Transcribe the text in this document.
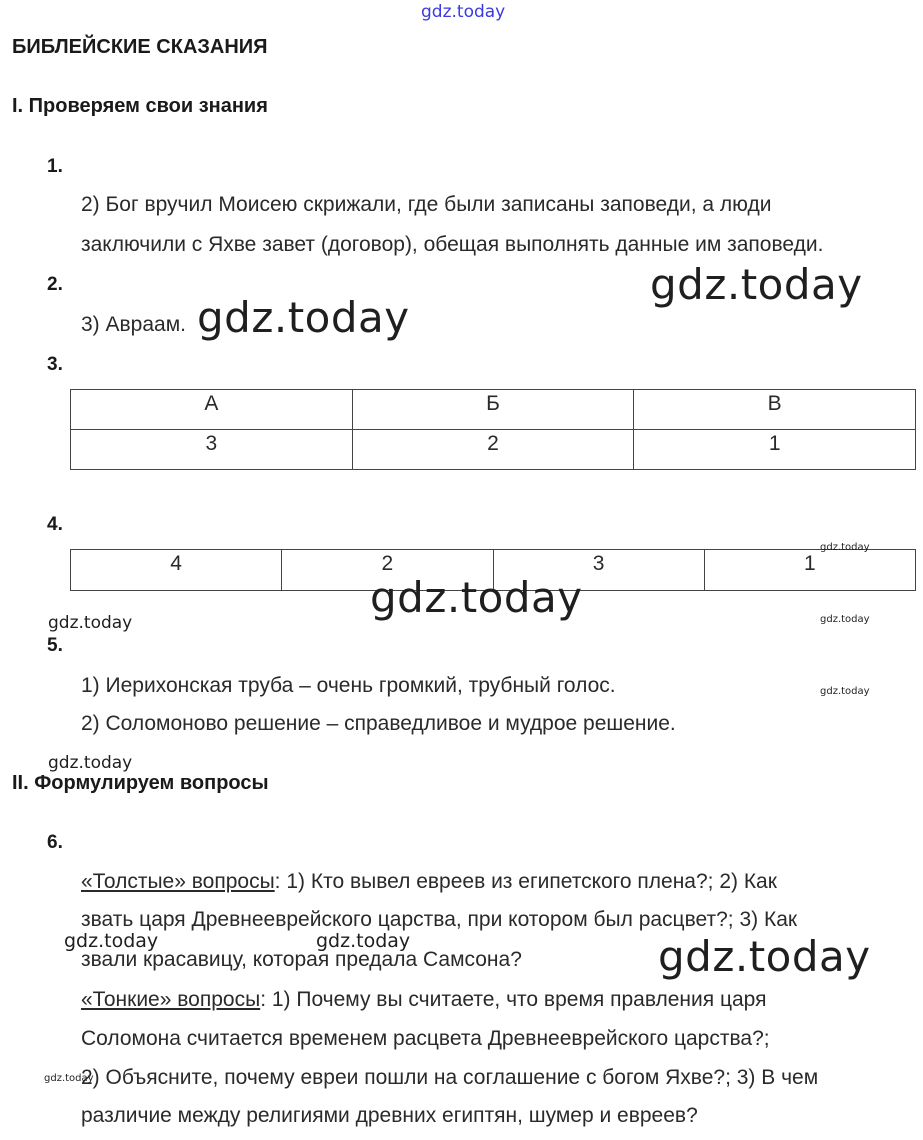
gdz.today
БИБЛЕЙСКИЕ СКАЗАНИЯ
I. Проверяем свои знания
1.
2) Бог вручил Моисею скрижали, где были записаны заповеди, а люди
заключили с Яхве завет (договор), обещая выполнять данные им заповеди.
2.	gdz.today
3) Авраам. gdz.today
3.
А	Б	В
3	2	1
4.
4	2	3	1
gdz.today
gdz.today
gdz.today	gdz.today
5.
1) Иерихонская труба – очень громкий, трубный голос.	gdz.today
2) Соломоново решение – справедливое и мудрое решение.
gdz.today
II. Формулируем вопросы
6.
«Толстые» вопросы: 1) Кто вывел евреев из египетского плена?; 2) Как
звать царя Древнееврейского царства, при котором был расцвет?; 3) Как
gdz.today	gdz.today
звали красавицу, которая предала Самсона?	gdz.today
«Тонкие» вопросы: 1) Почему вы считаете, что время правления царя
Соломона считается временем расцвета Древнееврейского царства?;
2) Объясните, почему евреи пошли на соглашение с богом Яхве?; 3) В чем
gdz.today
различие между религиями древних египтян, шумер и евреев?
